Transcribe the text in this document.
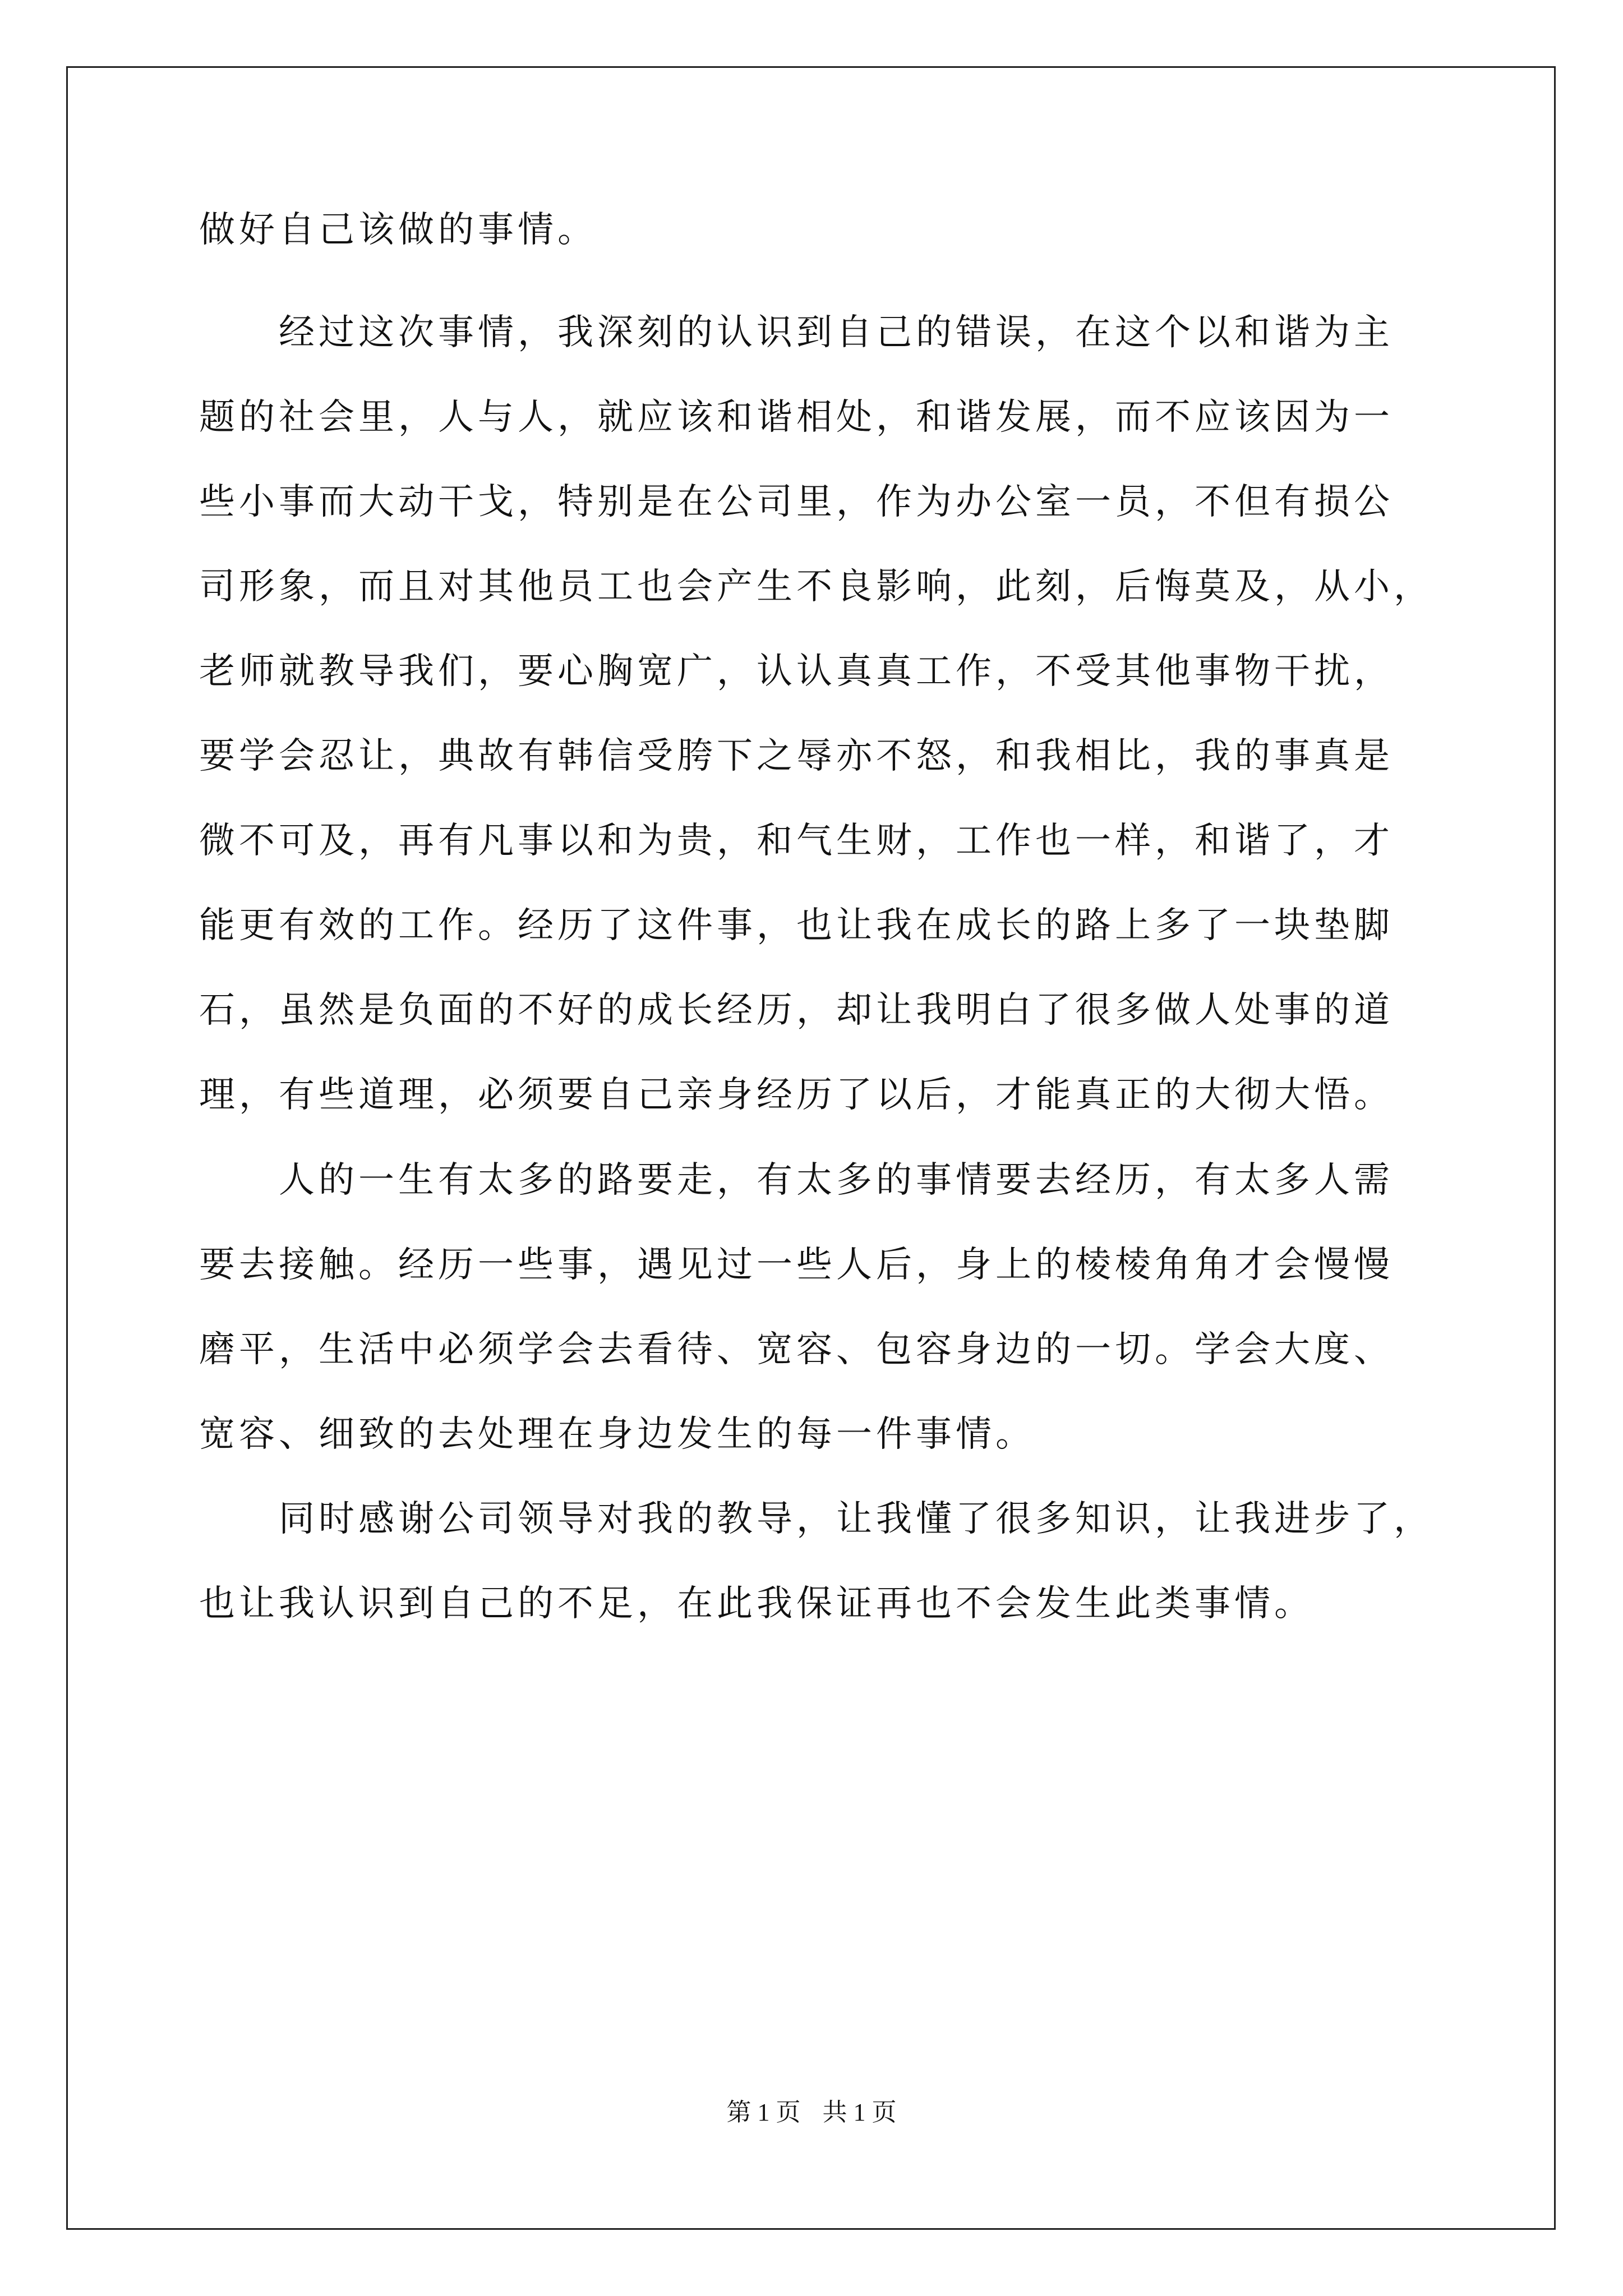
做好自己该做的事情。
　　经过这次事情，我深刻的认识到自己的错误，在这个以和谐为主
题的社会里，人与人，就应该和谐相处，和谐发展，而不应该因为一
些小事而大动干戈，特别是在公司里，作为办公室一员，不但有损公
司形象，而且对其他员工也会产生不良影响，此刻，后悔莫及，从小，
老师就教导我们，要心胸宽广，认认真真工作，不受其他事物干扰，
要学会忍让，典故有韩信受胯下之辱亦不怒，和我相比，我的事真是
微不可及，再有凡事以和为贵，和气生财，工作也一样，和谐了，才
能更有效的工作。经历了这件事，也让我在成长的路上多了一块垫脚
石，虽然是负面的不好的成长经历，却让我明白了很多做人处事的道
理，有些道理，必须要自己亲身经历了以后，才能真正的大彻大悟。
　　人的一生有太多的路要走，有太多的事情要去经历，有太多人需
要去接触。经历一些事，遇见过一些人后，身上的棱棱角角才会慢慢
磨平，生活中必须学会去看待、宽容、包容身边的一切。学会大度、
宽容、细致的去处理在身边发生的每一件事情。
　　同时感谢公司领导对我的教导，让我懂了很多知识，让我进步了，
也让我认识到自己的不足，在此我保证再也不会发生此类事情。
第 1 页 共 1 页
